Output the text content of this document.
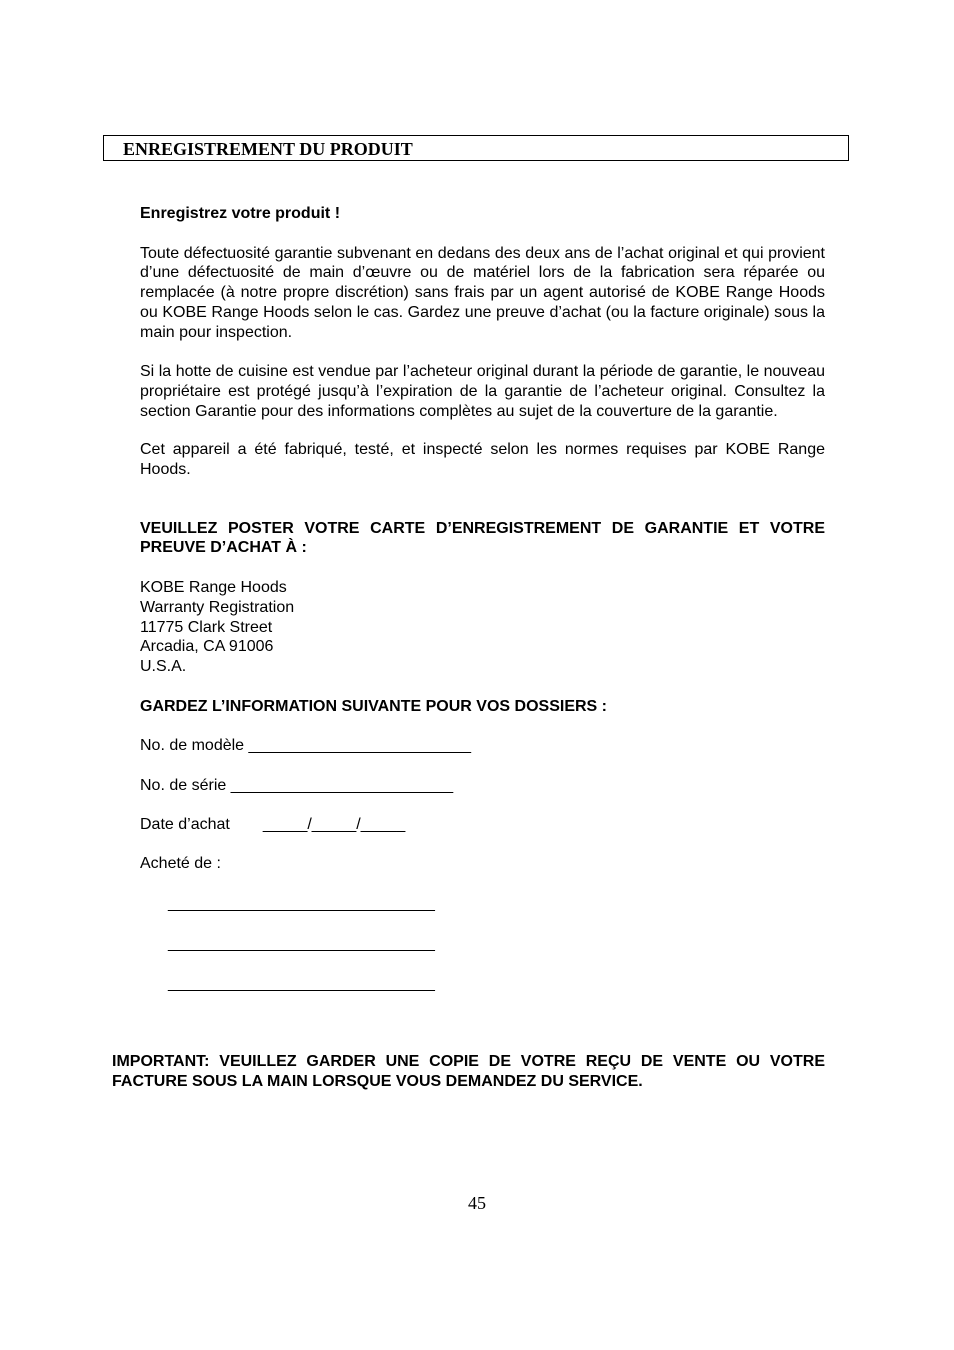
ENREGISTREMENT DU PRODUIT

Enregistrez votre produit !

Toute défectuosité garantie subvenant en dedans des deux ans de l’achat original et qui provient d’une défectuosité de main d’œuvre ou de matériel lors de la fabrication sera réparée ou remplacée (à notre propre discrétion) sans frais par un agent autorisé de KOBE Range Hoods ou KOBE Range Hoods selon le cas. Gardez une preuve d’achat (ou la facture originale) sous la main pour inspection.

Si la hotte de cuisine est vendue par l’acheteur original durant la période de garantie, le nouveau propriétaire est protégé jusqu’à l’expiration de la garantie de l’acheteur original. Consultez la section Garantie pour des informations complètes au sujet de la couverture de la garantie.

Cet appareil a été fabriqué, testé, et inspecté selon les normes requises par KOBE Range Hoods.

VEUILLEZ POSTER VOTRE CARTE D’ENREGISTREMENT DE GARANTIE ET VOTRE PREUVE D’ACHAT À :

KOBE Range Hoods

Warranty Registration

11775 Clark Street

Arcadia, CA 91006

U.S.A.

GARDEZ L’INFORMATION SUIVANTE POUR VOS DOSSIERS :

No. de modèle _________________________

No. de série _________________________

Date d’achat _____/_____/_____

Acheté de :

______________________________

______________________________

______________________________

IMPORTANT: VEUILLEZ GARDER UNE COPIE DE VOTRE REÇU DE VENTE OU VOTRE FACTURE SOUS LA MAIN LORSQUE VOUS DEMANDEZ DU SERVICE.

45
